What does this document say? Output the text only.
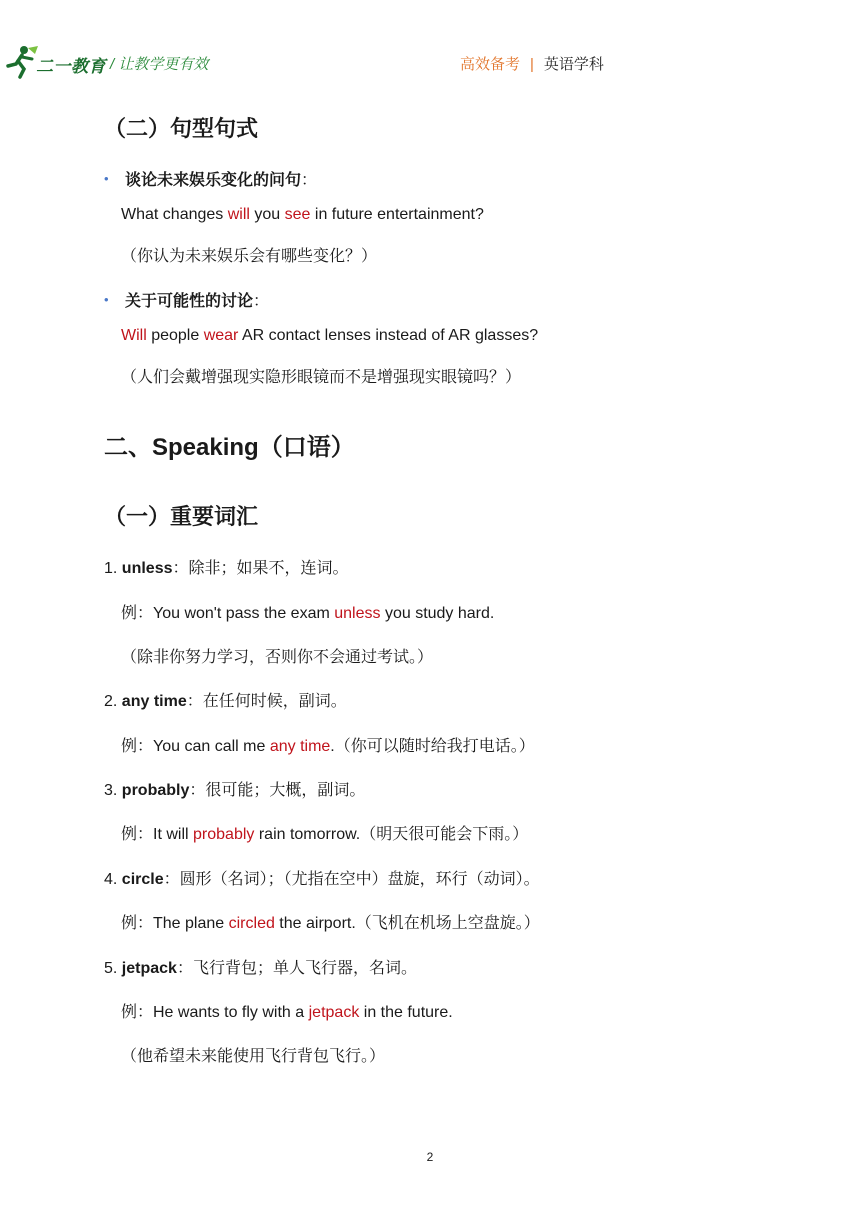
二一教育 / 让教学更有效	高效备考 | 英语学科
（二）句型句式
• 谈论未来娱乐变化的问句：
What changes will you see in future entertainment?
（你认为未来娱乐会有哪些变化？）
• 关于可能性的讨论：
Will people wear AR contact lenses instead of AR glasses?
（人们会戴增强现实隐形眼镜而不是增强现实眼镜吗？）
二、Speaking（口语）
（一）重要词汇
1. unless：除非；如果不，连词。
例：You won't pass the exam unless you study hard.
（除非你努力学习，否则你不会通过考试。）
2. any time：在任何时候，副词。
例：You can call me any time.（你可以随时给我打电话。）
3. probably：很可能；大概，副词。
例：It will probably rain tomorrow.（明天很可能会下雨。）
4. circle：圆形（名词）；（尤指在空中）盘旋，环行（动词）。
例：The plane circled the airport.（飞机在机场上空盘旋。）
5. jetpack：飞行背包；单人飞行器，名词。
例：He wants to fly with a jetpack in the future.
（他希望未来能使用飞行背包飞行。）
2
